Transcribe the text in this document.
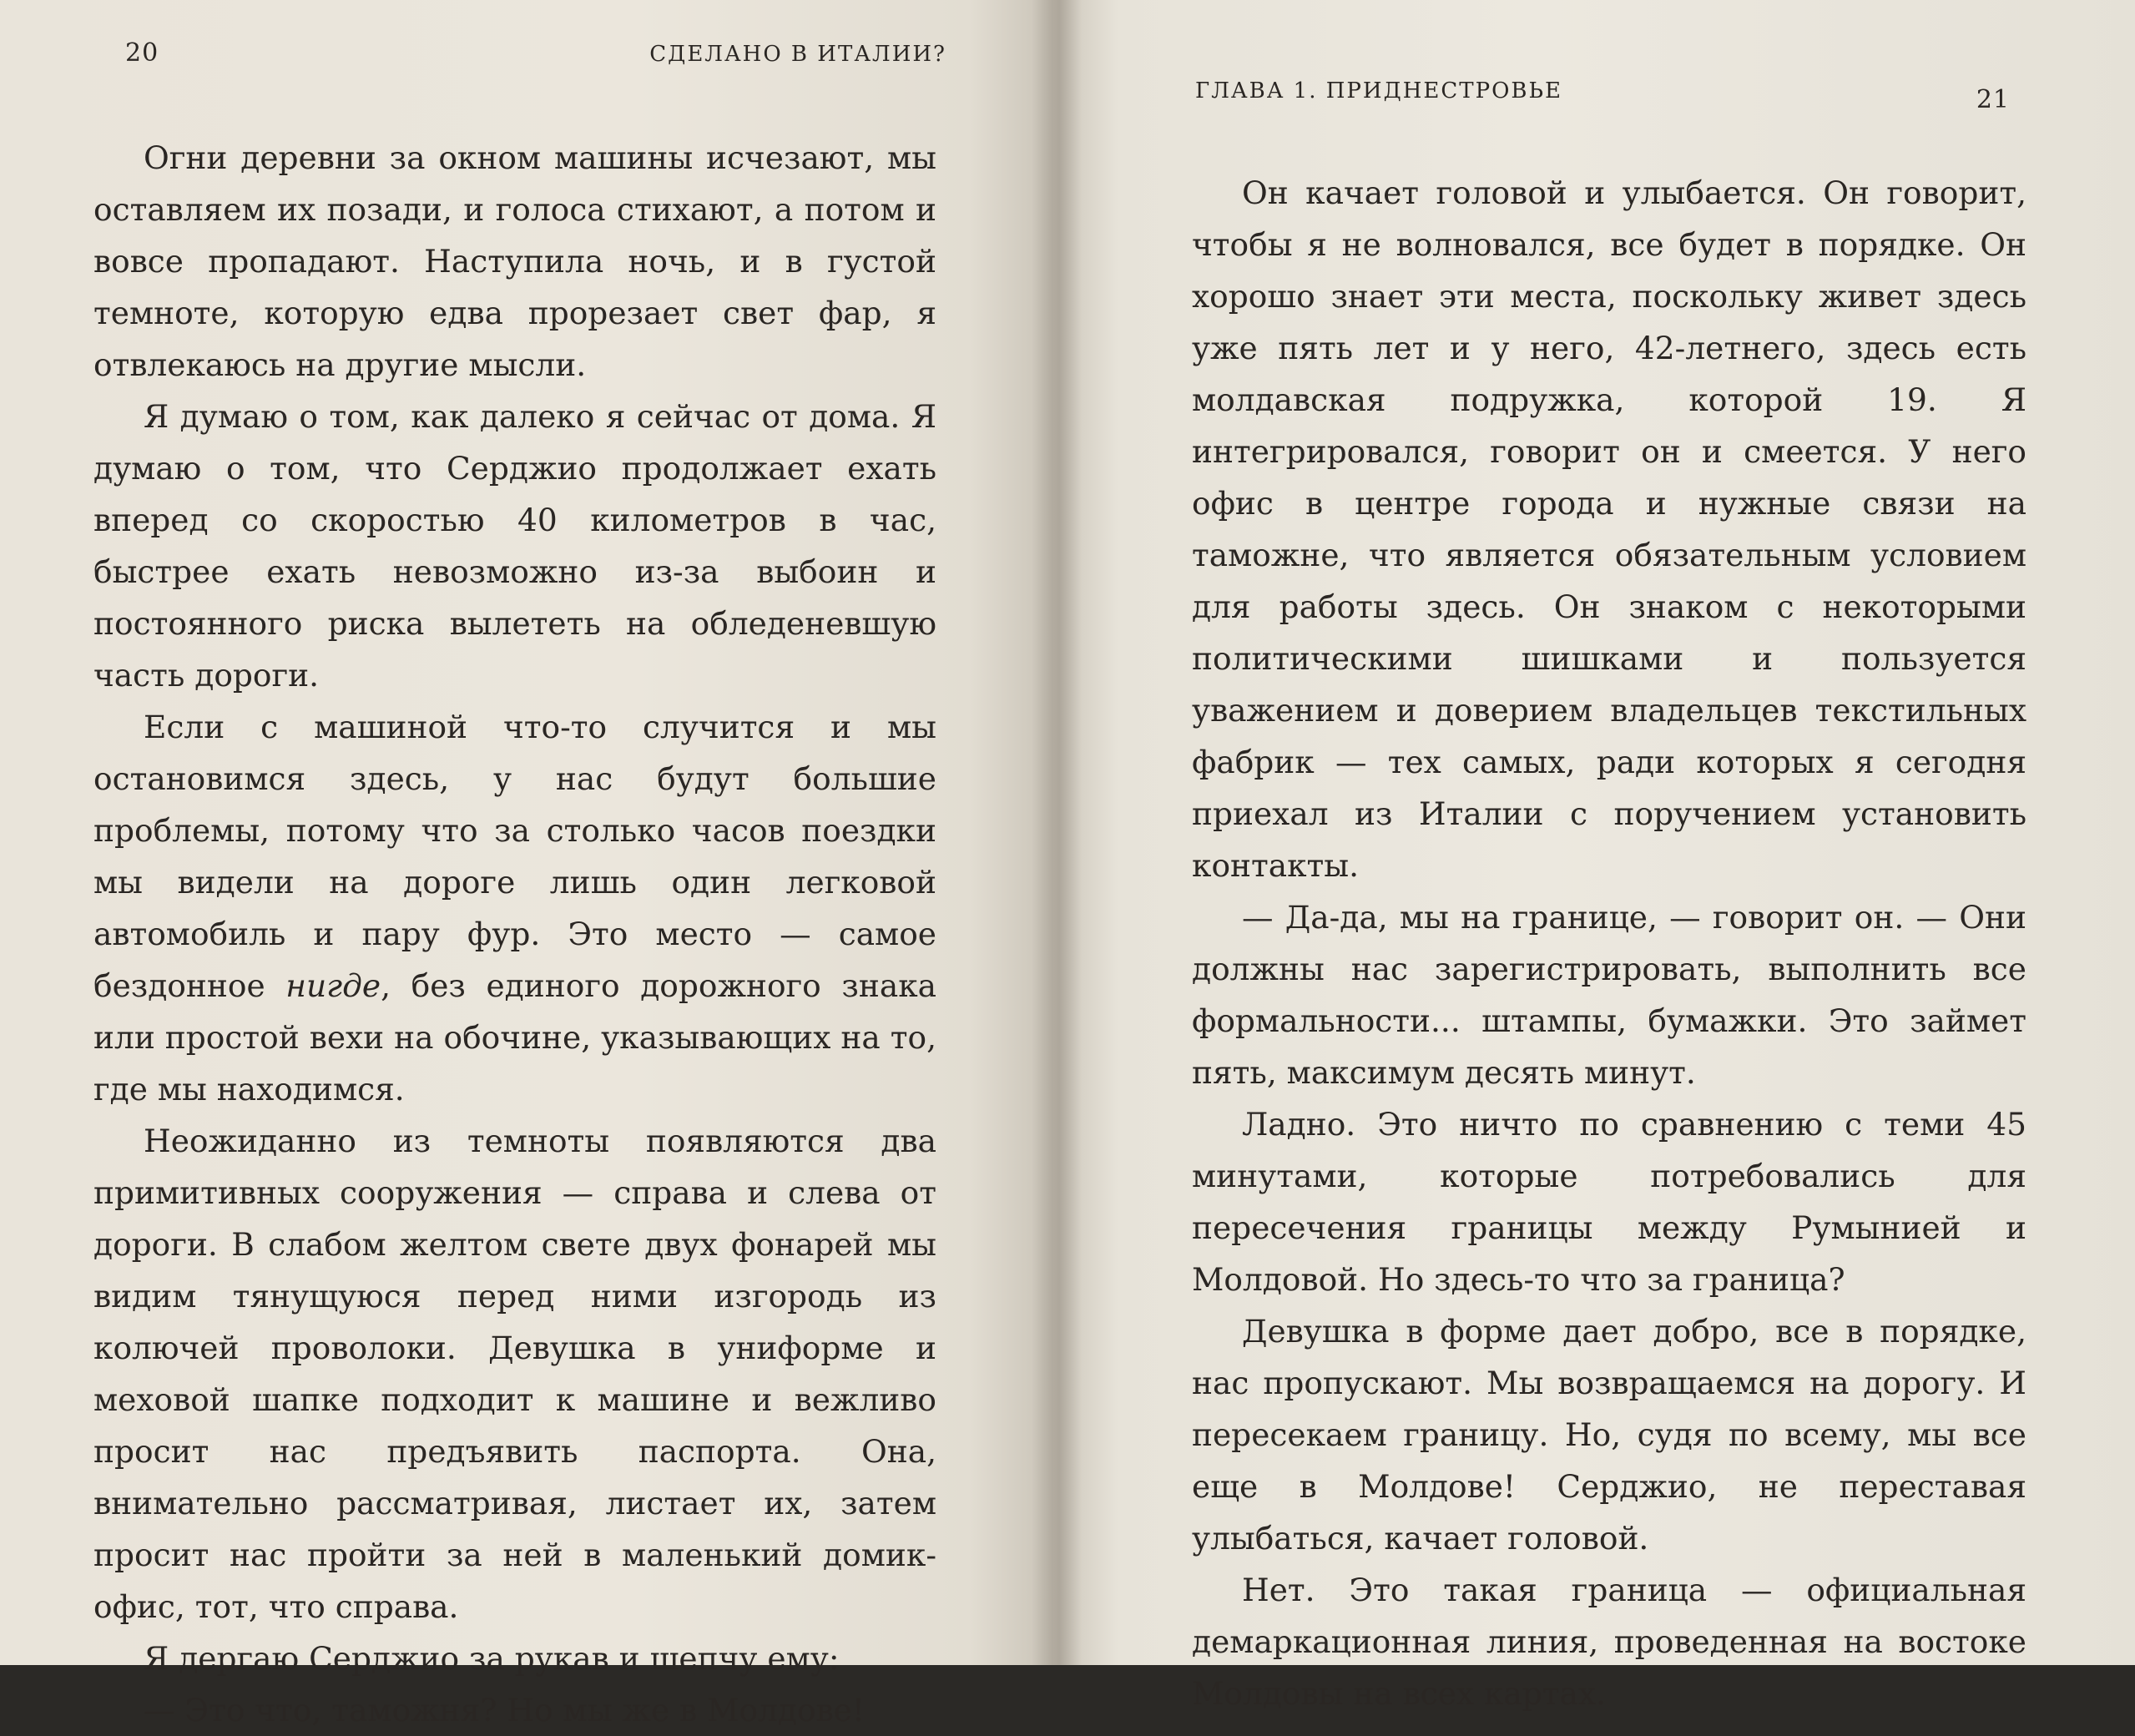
20	СДЕЛАНО В ИТАЛИИ?

Огни деревни за окном машины исчезают, мы оставляем их позади, и голоса стихают, а потом и вовсе пропадают. Наступила ночь, и в густой темноте, которую едва прорезает свет фар, я отвлекаюсь на другие мысли.

Я думаю о том, как далеко я сейчас от дома. Я думаю о том, что Серджио продолжает ехать вперед со скоростью 40 километров в час, быстрее ехать невозможно из-за выбоин и постоянного риска вылететь на обледеневшую часть дороги.

Если с машиной что-то случится и мы остановимся здесь, у нас будут большие проблемы, потому что за столько часов поездки мы видели на дороге лишь один легковой автомобиль и пару фур. Это место — самое бездонное нигде, без единого дорожного знака или простой вехи на обочине, указывающих на то, где мы находимся.

Неожиданно из темноты появляются два примитивных сооружения — справа и слева от дороги. В слабом желтом свете двух фонарей мы видим тянущуюся перед ними изгородь из колючей проволоки. Девушка в униформе и меховой шапке подходит к машине и вежливо просит нас предъявить паспорта. Она, внимательно рассматривая, листает их, затем просит нас пройти за ней в маленький домик-офис, тот, что справа.

Я дергаю Серджио за рукав и шепчу ему:

— Это что, таможня? Но мы же в Молдове!

ГЛАВА 1. ПРИДНЕСТРОВЬЕ	21

Он качает головой и улыбается. Он говорит, чтобы я не волновался, все будет в порядке. Он хорошо знает эти места, поскольку живет здесь уже пять лет и у него, 42-летнего, здесь есть молдавская подружка, которой 19. Я интегрировался, говорит он и смеется. У него офис в центре города и нужные связи на таможне, что является обязательным условием для работы здесь. Он знаком с некоторыми политическими шишками и пользуется уважением и доверием владельцев текстильных фабрик — тех самых, ради которых я сегодня приехал из Италии с поручением установить контакты.

— Да-да, мы на границе, — говорит он. — Они должны нас зарегистрировать, выполнить все формальности... штампы, бумажки. Это займет пять, максимум десять минут.

Ладно. Это ничто по сравнению с теми 45 минутами, которые потребовались для пересечения границы между Румынией и Молдовой. Но здесь-то что за граница?

Девушка в форме дает добро, все в порядке, нас пропускают. Мы возвращаемся на дорогу. И пересекаем границу. Но, судя по всему, мы все еще в Молдове! Серджио, не переставая улыбаться, качает головой.

Нет. Это такая граница — официальная демаркационная линия, проведенная на востоке Молдовы на всех картах.
